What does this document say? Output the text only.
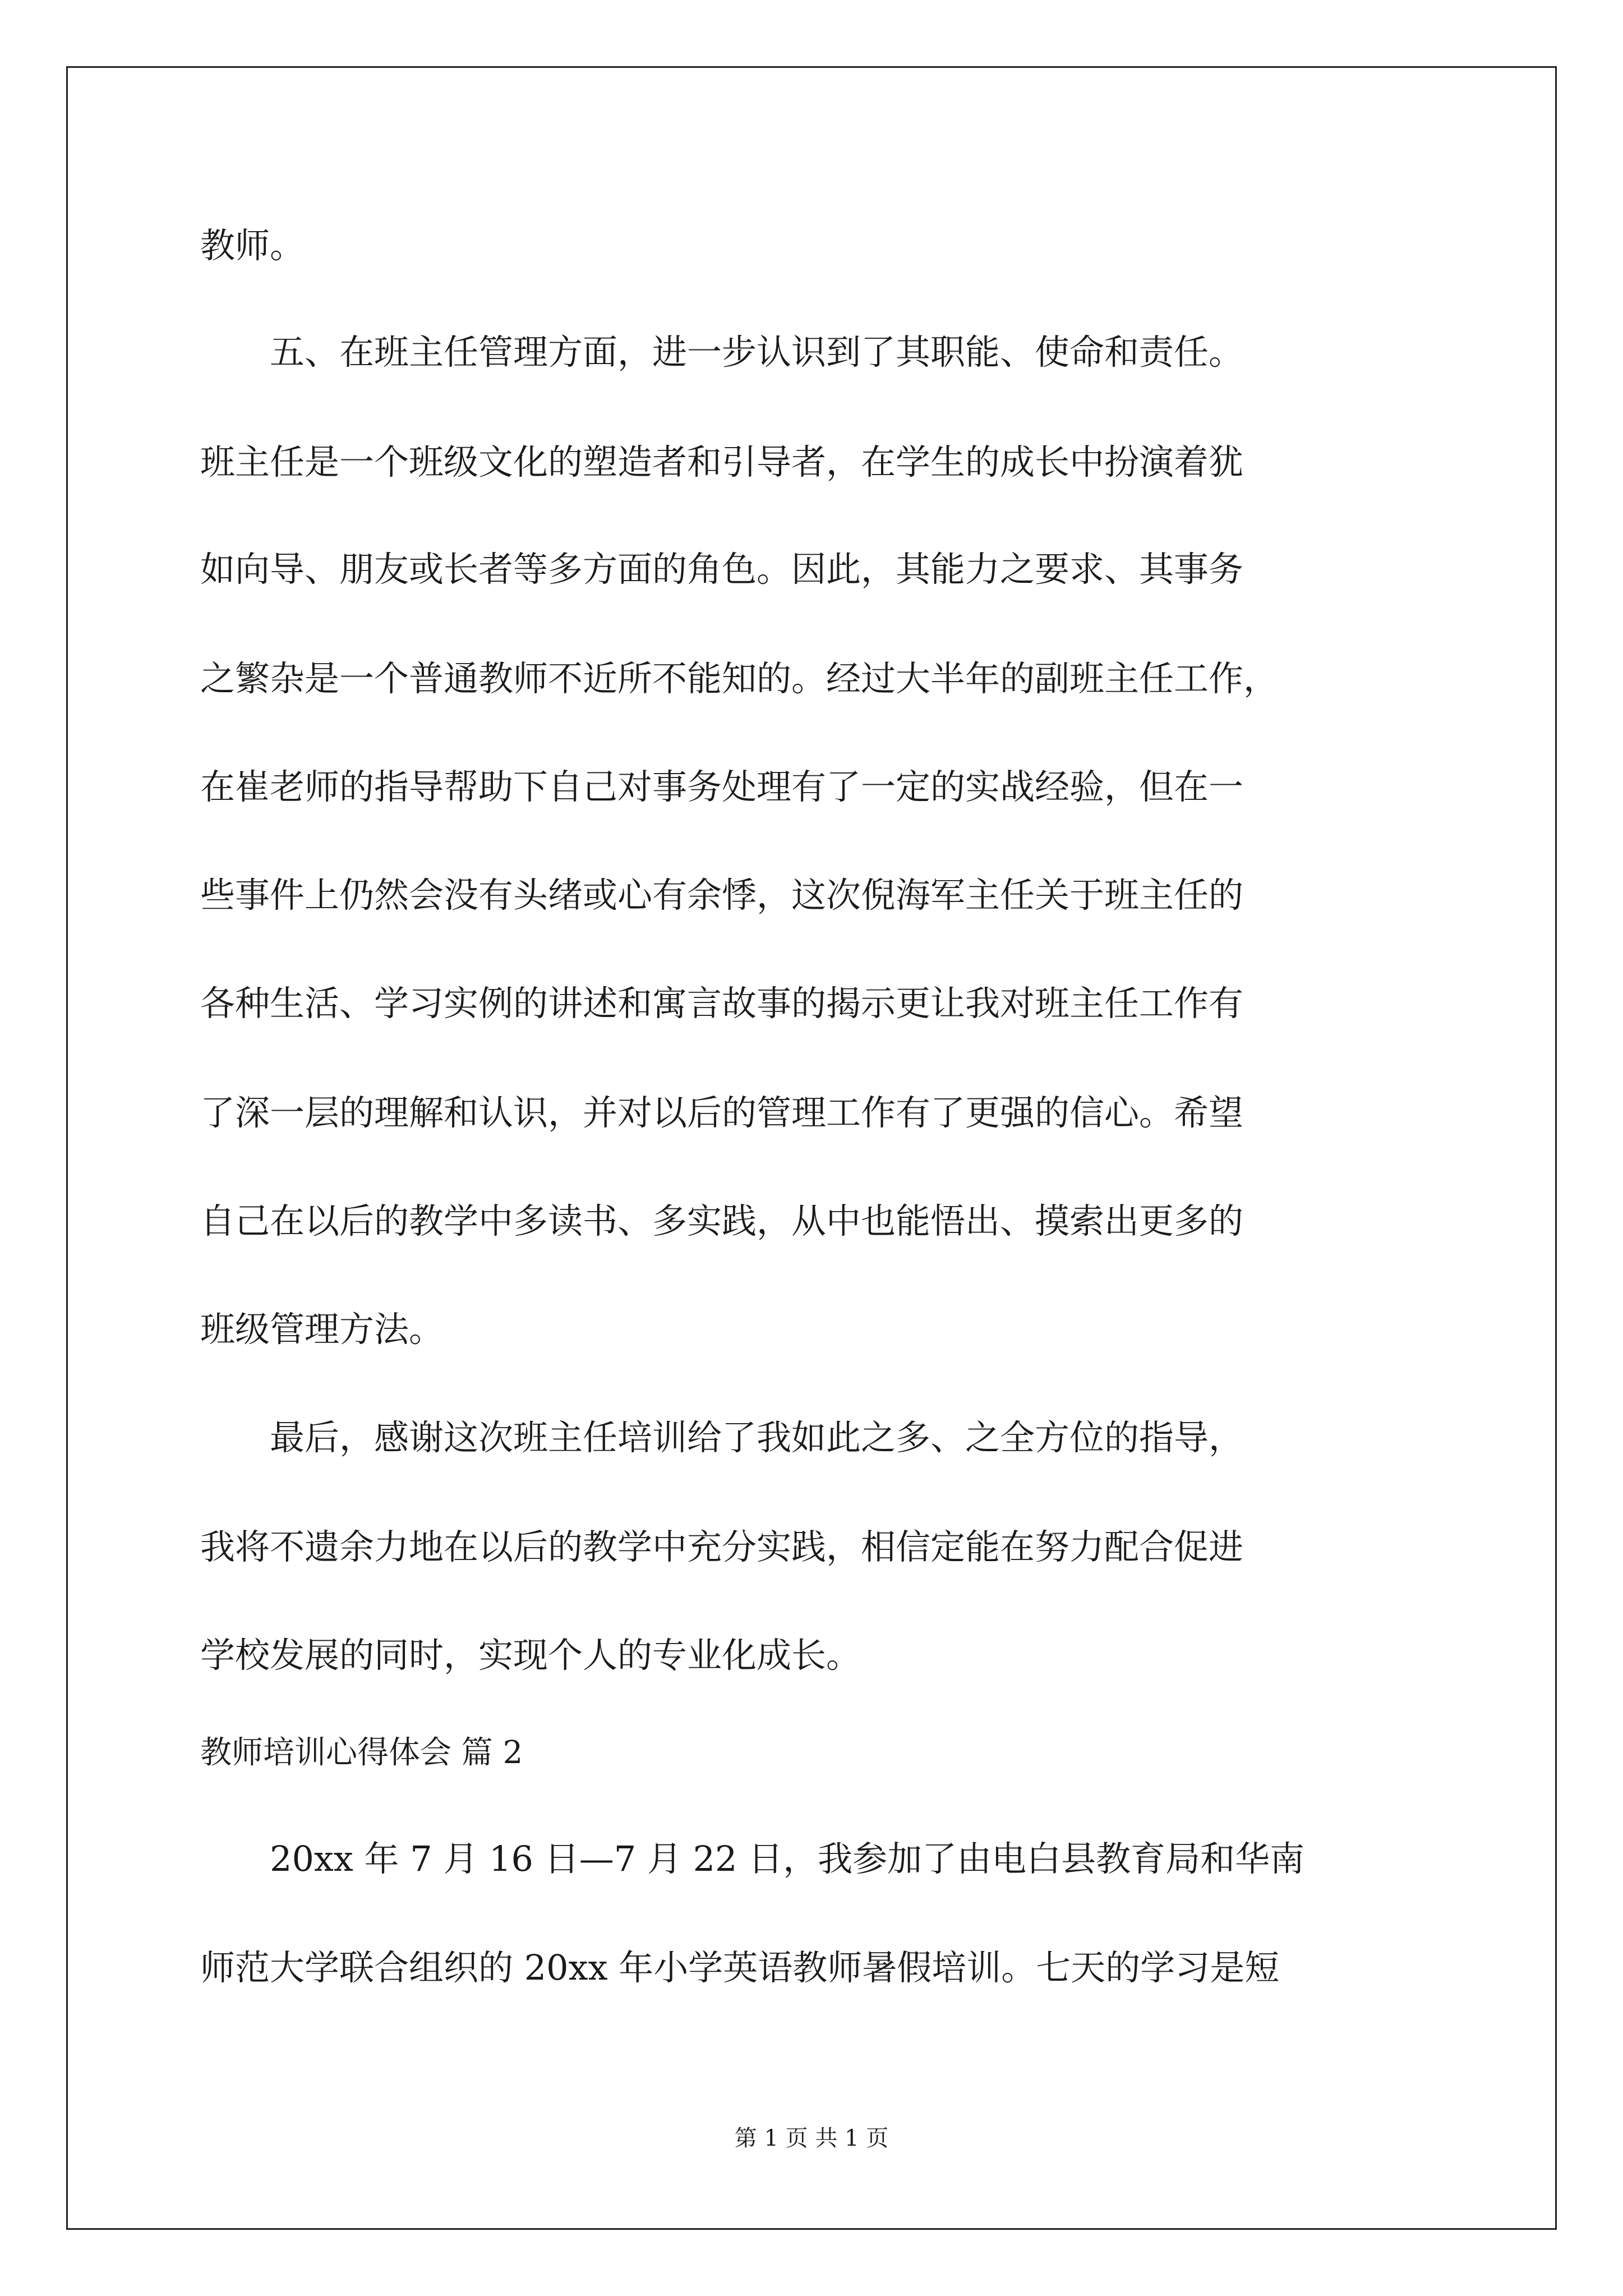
教师。
　　五、在班主任管理方面，进一步认识到了其职能、使命和责任。
班主任是一个班级文化的塑造者和引导者，在学生的成长中扮演着犹
如向导、朋友或长者等多方面的角色。因此，其能力之要求、其事务
之繁杂是一个普通教师不近所不能知的。经过大半年的副班主任工作，
在崔老师的指导帮助下自己对事务处理有了一定的实战经验，但在一
些事件上仍然会没有头绪或心有余悸，这次倪海军主任关于班主任的
各种生活、学习实例的讲述和寓言故事的揭示更让我对班主任工作有
了深一层的理解和认识，并对以后的管理工作有了更强的信心。希望
自己在以后的教学中多读书、多实践，从中也能悟出、摸索出更多的
班级管理方法。
　　最后，感谢这次班主任培训给了我如此之多、之全方位的指导，
我将不遗余力地在以后的教学中充分实践，相信定能在努力配合促进
学校发展的同时，实现个人的专业化成长。
教师培训心得体会 篇 2
　　20xx 年 7 月 16 日—7 月 22 日，我参加了由电白县教育局和华南
师范大学联合组织的 20xx 年小学英语教师暑假培训。七天的学习是短
第 1 页 共 1 页
